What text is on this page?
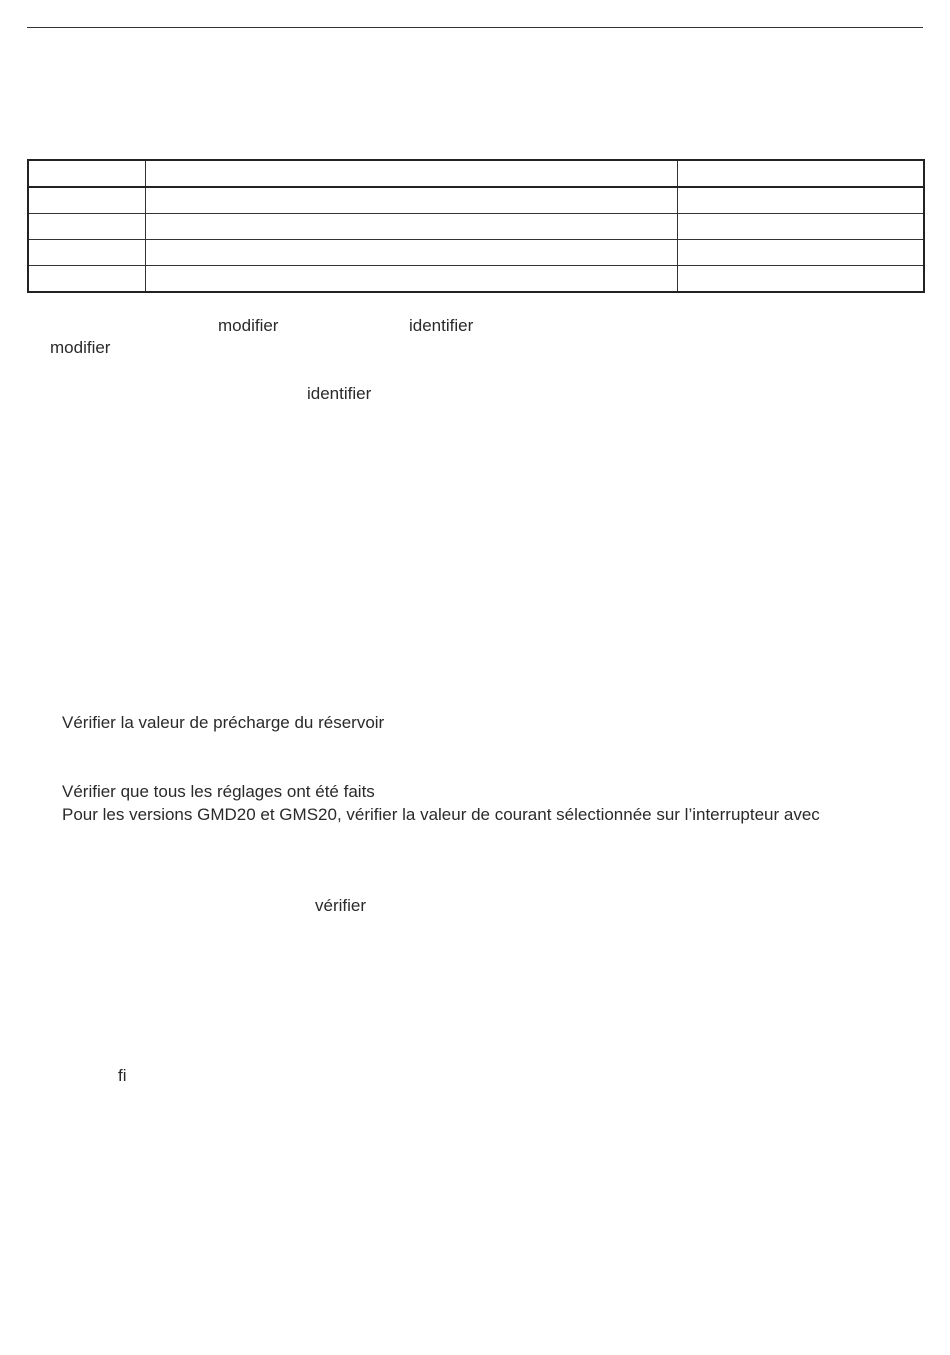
modifier	identifier
modifier
identifier
Vérifier la valeur de précharge du réservoir
Vérifier que tous les réglages ont été faits
Pour les versions GMD20 et GMS20, vérifier la valeur de courant sélectionnée sur l’interrupteur avec
vérifier
fi
